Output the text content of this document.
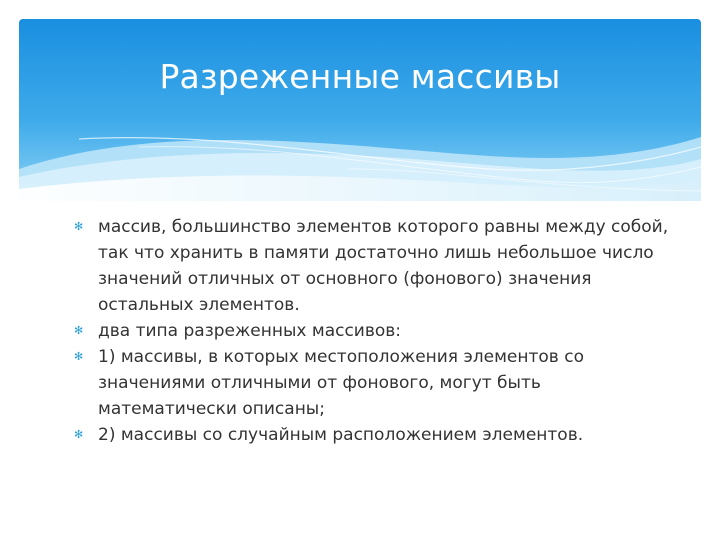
Разреженные массивы
✻ массив, большинство элементов которого равны между собой, так что хранить в памяти достаточно лишь небольшое число значений отличных от основного (фонового) значения остальных элементов.
✻ два типа разреженных массивов:
✻ 1) массивы, в которых местоположения элементов со значениями отличными от фонового, могут быть математически описаны;
✻ 2) массивы со случайным расположением элементов.
